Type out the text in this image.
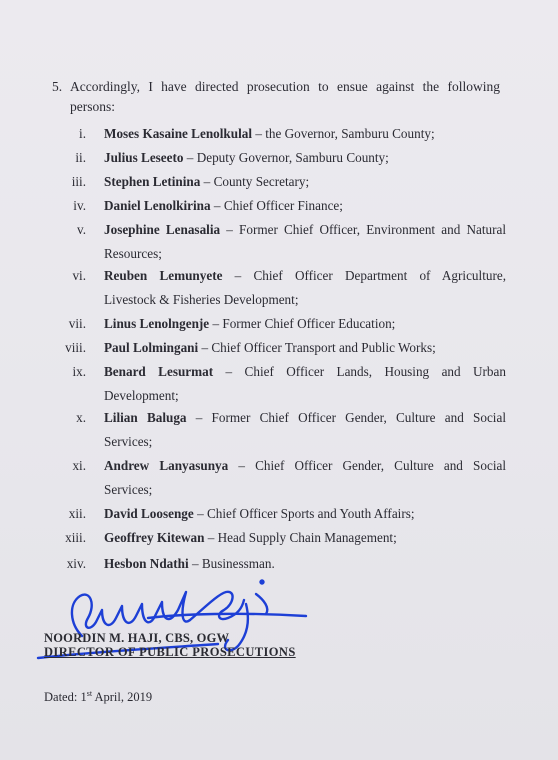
5. Accordingly, I have directed prosecution to ensue against the following
persons:
i. Moses Kasaine Lenolkulal – the Governor, Samburu County;
ii. Julius Leseeto – Deputy Governor, Samburu County;
iii. Stephen Letinina – County Secretary;
iv. Daniel Lenolkirina – Chief Officer Finance;
v. Josephine Lenasalia – Former Chief Officer, Environment and Natural
Resources;
vi. Reuben Lemunyete – Chief Officer Department of Agriculture,
Livestock & Fisheries Development;
vii. Linus Lenolngenje – Former Chief Officer Education;
viii. Paul Lolmingani – Chief Officer Transport and Public Works;
ix. Benard Lesurmat – Chief Officer Lands, Housing and Urban
Development;
x. Lilian Baluga – Former Chief Officer Gender, Culture and Social
Services;
xi. Andrew Lanyasunya – Chief Officer Gender, Culture and Social
Services;
xii. David Loosenge – Chief Officer Sports and Youth Affairs;
xiii. Geoffrey Kitewan – Head Supply Chain Management;
xiv. Hesbon Ndathi – Businessman.
NOORDIN M. HAJI, CBS, OGW
DIRECTOR OF PUBLIC PROSECUTIONS
Dated: 1st April, 2019
